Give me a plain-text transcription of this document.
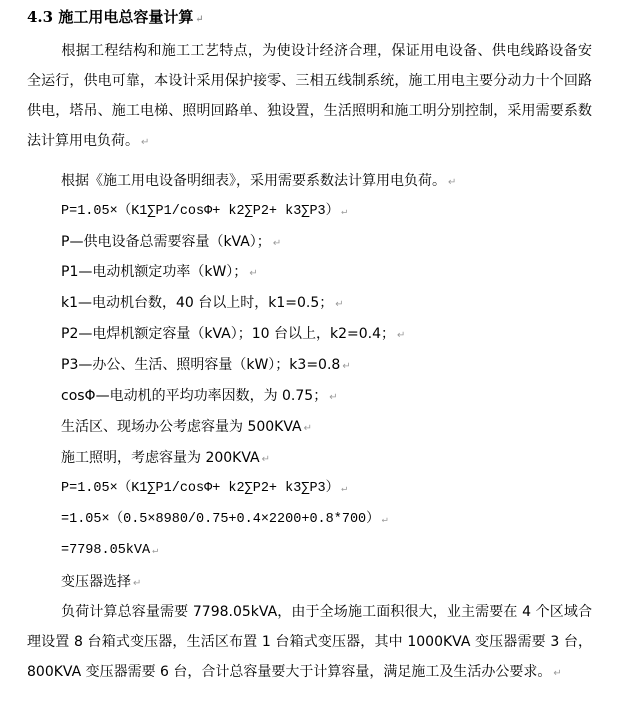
4.3 施工用电总容量计算 ↵
根据工程结构和施工工艺特点，为使设计经济合理，保证用电设备、供电线路设备安全运行，供电可靠，本设计采用保护接零、三相五线制系统，施工用电主要分动力十个回路供电，塔吊、施工电梯、照明回路单、独设置，生活照明和施工明分别控制，采用需要系数法计算用电负荷。 ↵
根据《施工用电设备明细表》，采用需要系数法计算用电负荷。 ↵
P=1.05×（K1∑P1/cosΦ+ k2∑P2+ k3∑P3） ↵
P—供电设备总需要容量（kVA）； ↵
P1—电动机额定功率（kW）； ↵
k1—电动机台数，40 台以上时，k1=0.5； ↵
P2—电焊机额定容量（kVA）；10 台以上，k2=0.4； ↵
P3—办公、生活、照明容量（kW）；k3=0.8 ↵
cosΦ—电动机的平均功率因数，为 0.75； ↵
生活区、现场办公考虑容量为 500KVA ↵
施工照明，考虑容量为 200KVA ↵
P=1.05×（K1∑P1/cosΦ+ k2∑P2+ k3∑P3） ↵
=1.05×（0.5×8980/0.75+0.4×2200+0.8*700） ↵
=7798.05kVA ↵
变压器选择 ↵
负荷计算总容量需要 7798.05kVA，由于全场施工面积很大，业主需要在 4 个区域合理设置 8 台箱式变压器，生活区布置 1 台箱式变压器，其中 1000KVA 变压器需要 3 台，800KVA 变压器需要 6 台，合计总容量要大于计算容量，满足施工及生活办公要求。 ↵
